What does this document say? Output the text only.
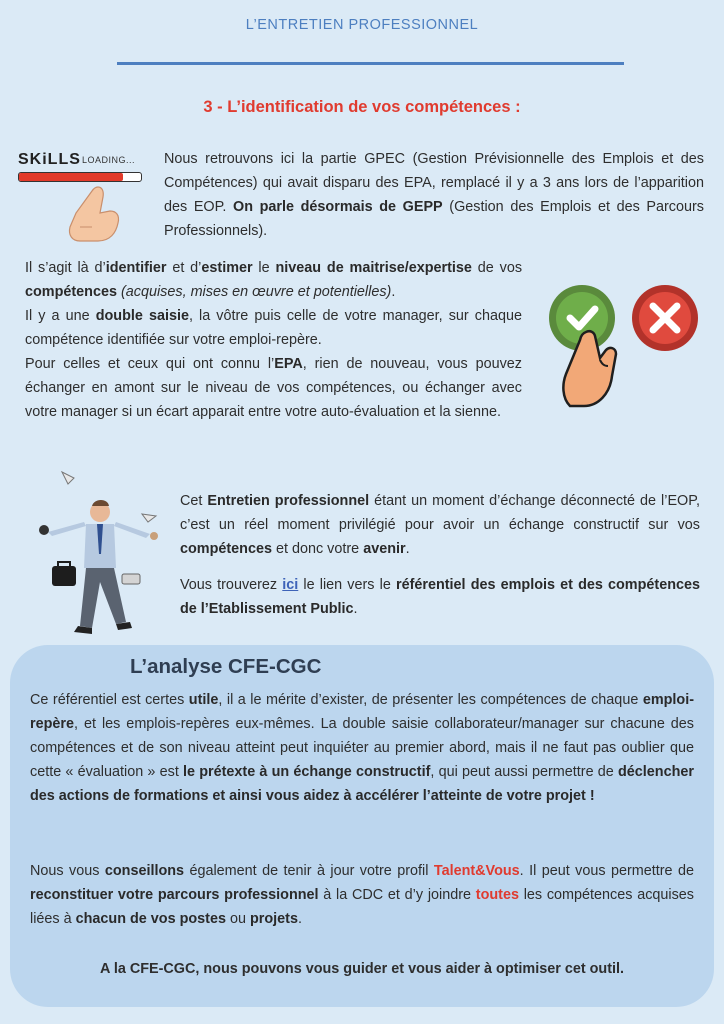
L’ENTRETIEN PROFESSIONNEL
3 - L’identification de vos compétences :
SKiLLS LOADING... Nous retrouvons ici la partie GPEC (Gestion Prévisionnelle des Emplois et des Compétences) qui avait disparu des EPA, remplacé il y a 3 ans lors de l’apparition des EOP. On parle désormais de GEPP (Gestion des Emplois et des Parcours Professionnels).
Il s’agit là d’identifier et d’estimer le niveau de maitrise/expertise de vos compétences (acquises, mises en œuvre et potentielles).
Il y a une double saisie, la vôtre puis celle de votre manager, sur chaque compétence identifiée sur votre emploi-repère.
Pour celles et ceux qui ont connu l’EPA, rien de nouveau, vous pouvez échanger en amont sur le niveau de vos compétences, ou échanger avec votre manager si un écart apparait entre votre auto-évaluation et la sienne.
Cet Entretien professionnel étant un moment d’échange déconnecté de l’EOP, c’est un réel moment privilégié pour avoir un échange constructif sur vos compétences et donc votre avenir.
Vous trouverez ici le lien vers le référentiel des emplois et des compétences de l’Etablissement Public.
L’analyse CFE-CGC
Ce référentiel est certes utile, il a le mérite d’exister, de présenter les compétences de chaque emploi-repère, et les emplois-repères eux-mêmes. La double saisie collaborateur/manager sur chacune des compétences et de son niveau atteint peut inquiéter au premier abord, mais il ne faut pas oublier que cette « évaluation » est le prétexte à un échange constructif, qui peut aussi permettre de déclencher des actions de formations et ainsi vous aidez à accélérer l’atteinte de votre projet !
Nous vous conseillons également de tenir à jour votre profil Talent&Vous. Il peut vous permettre de reconstituer votre parcours professionnel à la CDC et d’y joindre toutes les compétences acquises liées à chacun de vos postes ou projets.
A la CFE-CGC, nous pouvons vous guider et vous aider à optimiser cet outil.
